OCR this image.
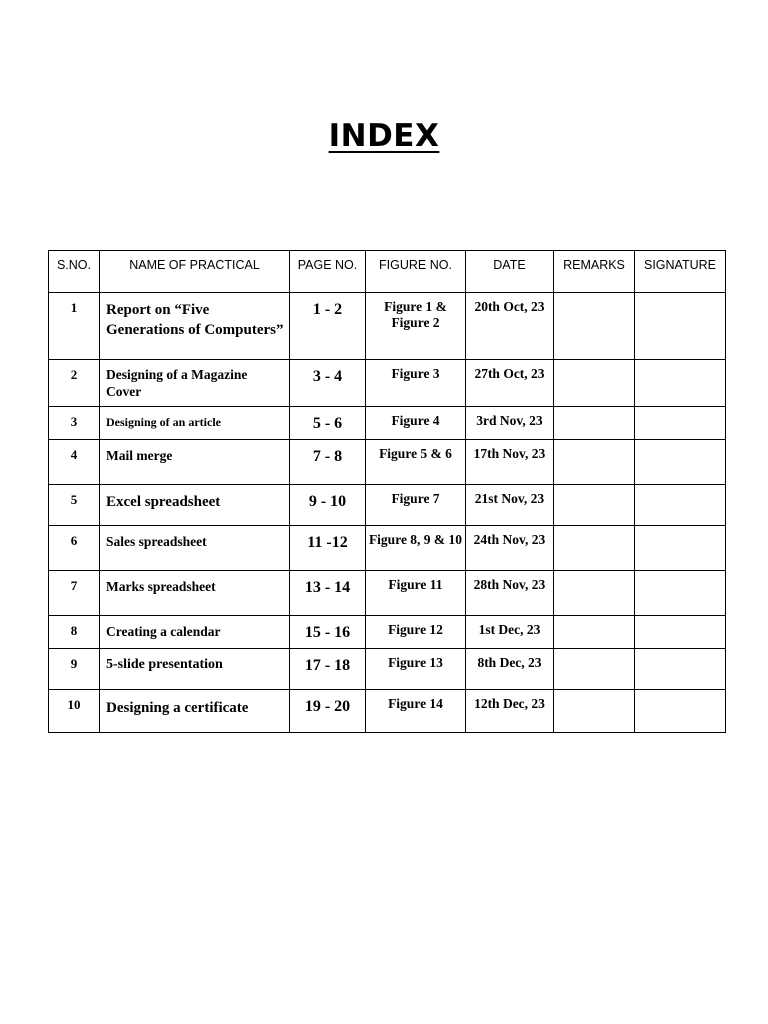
INDEX
S.NO.	NAME OF PRACTICAL	PAGE NO.	FIGURE NO.	DATE	REMARKS	SIGNATURE
1	Report on “Five Generations of Computers”	1 - 2	Figure 1 & Figure 2	20th Oct, 23		
2	Designing of a Magazine Cover	3 - 4	Figure 3	27th Oct, 23		
3	Designing of an article	5 - 6	Figure 4	3rd Nov, 23		
4	Mail merge	7 - 8	Figure 5 & 6	17th Nov, 23		
5	Excel spreadsheet	9 - 10	Figure 7	21st Nov, 23		
6	Sales spreadsheet	11 -12	Figure 8, 9 & 10	24th Nov, 23		
7	Marks spreadsheet	13 - 14	Figure 11	28th Nov, 23		
8	Creating a calendar	15 - 16	Figure 12	1st Dec, 23		
9	5-slide presentation	17 - 18	Figure 13	8th Dec, 23		
10	Designing a certificate	19 - 20	Figure 14	12th Dec, 23		
